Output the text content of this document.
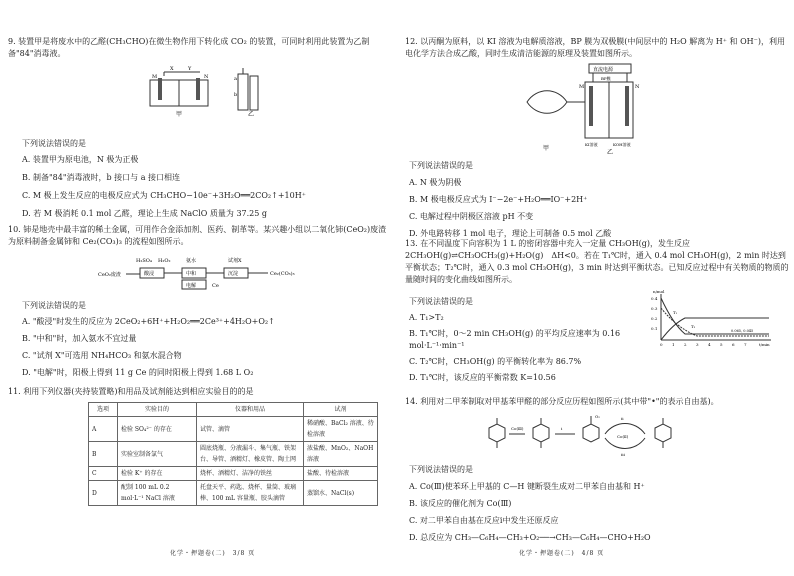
9. 装置甲是将废水中的乙醛(CH₃CHO)在微生物作用下转化成 CO₂ 的装置，可同时利用此装置为乙制备"84"消毒液。

X	Y
M	N	a
b
甲	乙

下列说法错误的是

A. 装置甲为原电池，N 极为正极

B. 制备"84"消毒液时，b 接口与 a 接口相连

C. M 极上发生反应的电极反应式为 CH₃CHO−10e⁻+3H₂O══2CO₂↑+10H⁺

D. 若 M 极消耗 0.1 mol 乙醛，理论上生成 NaClO 质量为 37.25 g

10. 铈是地壳中最丰富的稀土金属，可用作合金添加剂、医药、制革等。某兴趣小组以二氧化铈(CeO₂)废渣为原料制备金属铈和 Ce₂(CO₃)₃ 的流程如图所示。

CeO₂废渣	酸浸	中和	沉淀	Ce₂(CO₃)₃
电解	Ce
H₂SO₄ H₂O₂	氨水	试剂X

下列说法错误的是

A. "酸浸"时发生的反应为 2CeO₂+6H⁺+H₂O₂══2Ce³⁺+4H₂O+O₂↑

B. "中和"时，加入氨水不宜过量

C. "试剂 X"可选用 NH₄HCO₃ 和氨水混合物

D. "电解"时，阳极上得到 11 g Ce 的同时阳极上得到 1.68 L O₂

11. 利用下列仪器(夹持装置略)和用品及试剂能达到相应实验目的的是

选项	实验目的	仪器和用品	试剂
A	检验 SO₄²⁻ 的存在	试管、滴管	稀硝酸、BaCl₂ 溶液、待检溶液
B	实验室制备氯气	圆底烧瓶、分液漏斗、集气瓶、铁架台、导管、酒精灯、橡皮管、陶土网	浓盐酸、MnO₂、NaOH 溶液
C	检验 K⁺ 的存在	烧杯、酒精灯、洁净的铁丝	盐酸、待检溶液
D	配制 100 mL 0.2 mol·L⁻¹ NaCl 溶液	托盘天平、药匙、烧杯、量筒、玻璃棒、100 mL 容量瓶、胶头滴管	蒸馏水、NaCl(s)
化学・押题卷(二)　3/8 页

12. 以丙酮为原料，以 KI 溶液为电解质溶液，BP 膜为双极膜(中间层中的 H₂O 解离为 H⁺ 和 OH⁻)，利用电化学方法合成乙酸，同时生成清洁能源的原理及装置如图所示。

直流电源
M	N
BP膜
甲
乙
KI溶液	KOH溶液

下列说法错误的是

A. N 极为阴极

B. M 极电极反应式为 I⁻−2e⁻+H₂O══IO⁻+2H⁺

C. 电解过程中阴极区溶液 pH 不变

D. 外电路转移 1 mol 电子，理论上可制备 0.5 mol 乙酸

13. 在不同温度下向容积为 1 L 的密闭容器中充入一定量 CH₃OH(g)，发生反应 2CH₃OH(g)⇌CH₃OCH₃(g)+H₂O(g)　ΔH<0。若在 T₁℃时，通入 0.4 mol CH₃OH(g)，2 min 时达到平衡状态；T₂℃时，通入 0.3 mol CH₃OH(g)，3 min 时达到平衡状态。已知反应过程中有关物质的物质的量随时间的变化曲线如图所示。

下列说法错误的是

A. T₁>T₂

B. T₁℃时，0～2 min CH₃OH(g) 的平均反应速率为 0.16 mol·L⁻¹·min⁻¹

C. T₂℃时，CH₃OH(g) 的平衡转化率为 86.7%

D. T₁℃时，该反应的平衡常数 K=10.56

n/mol
t/min
0.4
0.3
0.2
0.1
0 1 2 3 4 5 6 7
T₁
T₂
0.065, 0.045

14. 利用对二甲苯制取对甲基苯甲醛的部分反应历程如图所示(其中带"•"的表示自由基)。

Co(Ⅲ)	ⅰ
O₂
Co(Ⅱ)
ⅱ
ⅲ

下列说法错误的是

A. Co(Ⅲ)使苯环上甲基的 C—H 键断裂生成对二甲苯自由基和 H⁺

B. 该反应的催化剂为 Co(Ⅲ)

C. 对二甲苯自由基在反应ⅰ中发生还原反应

D. 总反应为 CH₃—C₆H₄—CH₃+O₂──→CH₃—C₆H₄—CHO+H₂O

化学・押题卷(二)　4/8 页
